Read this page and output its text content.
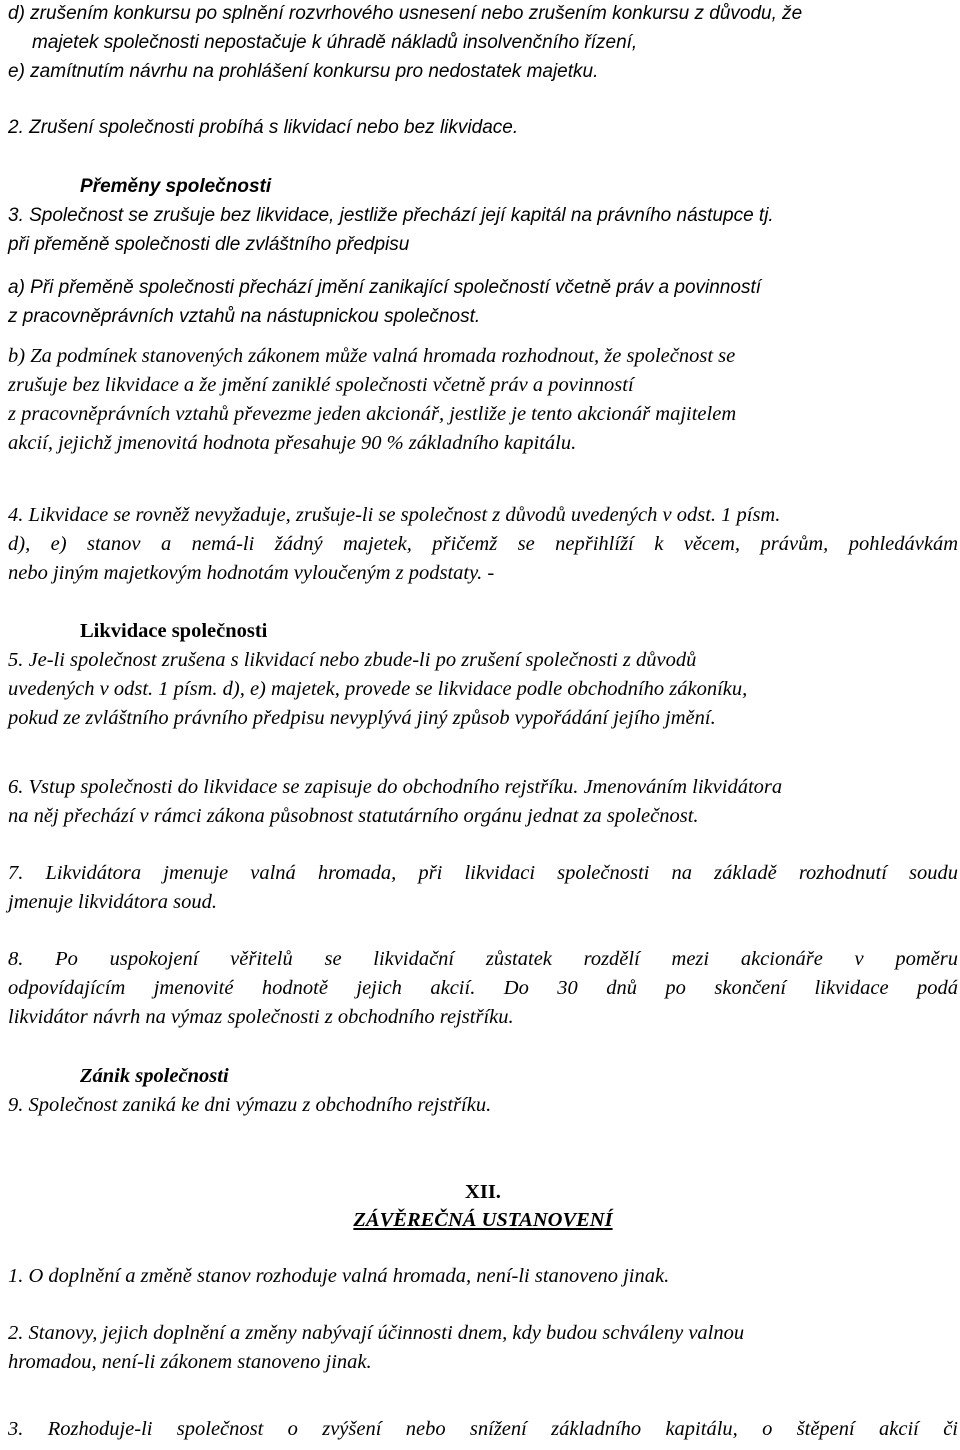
d) zrušením konkursu po splnění rozvrhového usnesení nebo zrušením konkursu z důvodu, že
majetek společnosti nepostačuje k úhradě nákladů insolvenčního řízení,
e) zamítnutím návrhu na prohlášení konkursu pro nedostatek majetku.
2. Zrušení společnosti probíhá s likvidací nebo bez likvidace.
Přeměny společnosti
3. Společnost se zrušuje bez likvidace, jestliže přechází její kapitál na právního nástupce tj.
při přeměně společnosti dle zvláštního předpisu
a) Při přeměně společnosti přechází jmění zanikající společností včetně práv a povinností
z pracovněprávních vztahů na nástupnickou společnost.
b) Za podmínek stanovených zákonem může valná hromada rozhodnout, že společnost se
zrušuje bez likvidace a že jmění zaniklé společnosti včetně práv a povinností
z pracovněprávních vztahů převezme jeden akcionář, jestliže je tento akcionář majitelem
akcií, jejichž jmenovitá hodnota přesahuje 90 % základního kapitálu.
4. Likvidace se rovněž nevyžaduje, zrušuje-li se společnost z důvodů uvedených v odst. 1 písm.
d), e) stanov a nemá-li žádný majetek, přičemž se nepřihlíží k věcem, právům, pohledávkám
nebo jiným majetkovým hodnotám vyloučeným z podstaty. -
Likvidace společnosti
5. Je-li společnost zrušena s likvidací nebo zbude-li po zrušení společnosti z důvodů
uvedených v odst. 1 písm. d), e) majetek, provede se likvidace podle obchodního zákoníku,
pokud ze zvláštního právního předpisu nevyplývá jiný způsob vypořádání jejího jmění.
6. Vstup společnosti do likvidace se zapisuje do obchodního rejstříku. Jmenováním likvidátora
na něj přechází v rámci zákona působnost statutárního orgánu jednat za společnost.
7. Likvidátora jmenuje valná hromada, při likvidaci společnosti na základě rozhodnutí soudu
jmenuje likvidátora soud.
8. Po uspokojení věřitelů se likvidační zůstatek rozdělí mezi akcionáře v poměru
odpovídajícím jmenovité hodnotě jejich akcií. Do 30 dnů po skončení likvidace podá
likvidátor návrh na výmaz společnosti z obchodního rejstříku.
Zánik společnosti
9. Společnost zaniká ke dni výmazu z obchodního rejstříku.
XII.
ZÁVĚREČNÁ USTANOVENÍ
1. O doplnění a změně stanov rozhoduje valná hromada, není-li stanoveno jinak.
2. Stanovy, jejich doplnění a změny nabývají účinnosti dnem, kdy budou schváleny valnou
hromadou, není-li zákonem stanoveno jinak.
3. Rozhoduje-li společnost o zvýšení nebo snížení základního kapitálu, o štěpení akcií či
